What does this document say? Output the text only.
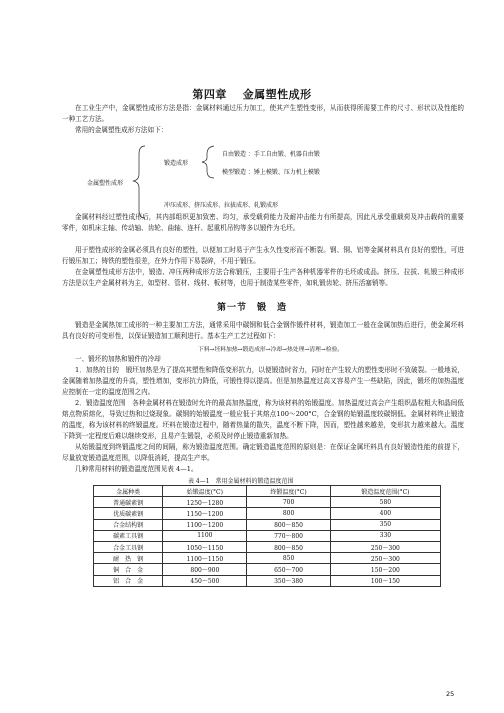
第四章　 金属塑性成形
在工业生产中，金属塑性成形方法是指：金属材料通过压力加工，使其产生塑性变形，从而获得所需要工件的尺寸、形状以及性能的一种工艺方法。
常用的金属塑性成形方法如下：
金属塑性成形
锻造成形
自由锻造 ：手工自由锻、机器自由锻
模型锻造 ：锤上模锻、压力机上模锻
冲压成形、挤压成形、拉拔成形、轧锻成形
金属材料经过塑性成形后，其内部组织更加致密、均匀，承受载荷能力及耐冲击能力有所提高，因此凡承受重载荷及冲击载荷的重要零件，如机床主轴、传动轴、齿轮、曲轴、连杆、起重机吊钩等多以锻件为毛坯。
用于塑性成形的金属必须具有良好的塑性，以便加工时易于产生永久性变形而不断裂。钢、铜、铝等金属材料具有良好的塑性，可进行锻压加工；铸铁的塑性很差，在外力作用下易裂碎，不用于锻压。
在金属塑性成形方法中，锻造、冲压两种成形方法合称锻压，主要用于生产各种机器零件的毛坯或成品。挤压、拉拔、轧锻三种成形方法是以生产金属材料为主，如型材、管材、线材、板材等，也用于制造某些零件，如轧锻齿轮、挤压活塞销等。
第一节　锻　造
锻造是金属热加工成形的一种主要加工方法，通常采用中碳钢和低合金钢作锻件材料，锻造加工一般在金属加热后进行，使金属坯料具有良好的可变形性，以保证锻造加工顺利进行。基本生产工艺过程如下：
下料→坯料加热→锻造成形→冷却→热处理→清理→检验。
一、锻坯的加热和锻件的冷却
1．加热的目的　锻坯加热是为了提高其塑性和降低变形抗力，以便锻造时省力，同时在产生较大的塑性变形时不致破裂。一般地说，金属随着加热温度的升高，塑性增加，变形抗力降低，可锻性得以提高。但是加热温度过高又容易产生一些缺陷，因此，锻坯的加热温度应控制在一定的温度范围之内。
2．锻造温度范围　各种金属材料在锻造时允许的最高加热温度，称为该材料的始锻温度。加热温度过高会产生组织晶粒粗大和晶间低熔点物质熔化，导致过热和过烧现象。碳钢的始锻温度一般应低于其熔点100～200°C，合金钢的始锻温度较碳钢低。金属材料终止锻造的温度，称为该材料的终锻温度。坯料在锻造过程中，随着热量的散失，温度不断下降，因而，塑性越来越差，变形抗力越来越大。温度下降到一定程度后难以继续变形，且易产生锻裂，必须及时停止锻造重新加热。
从始锻温度到终锻温度之间的间隔，称为锻造温度范围。确定锻造温度范围的原则是：在保证金属坯料具有良好锻造性能的前提下，尽量放宽锻造温度范围，以降低消耗，提高生产率。
几种常用材料的锻造温度范围见表 4—1。
表 4—1　常用金属材料的锻造温度范围
金属种类	始锻温度(°C)	终锻温度(°C)	锻造温度范围(°C)
普通碳素钢	1250～1280	700	580
优质碳素钢	1150～1200	800	400
合金结构钢	1100～1200	800～850	350
碳素工具钢	1100	770～800	330
合金工具钢	1050～1150	800～850	250～300
耐　热　钢	1100～1150	850	250～300
铜　合　金	800～900	650～700	150～200
铝　合　金	450～500	350～380	100～150
25
